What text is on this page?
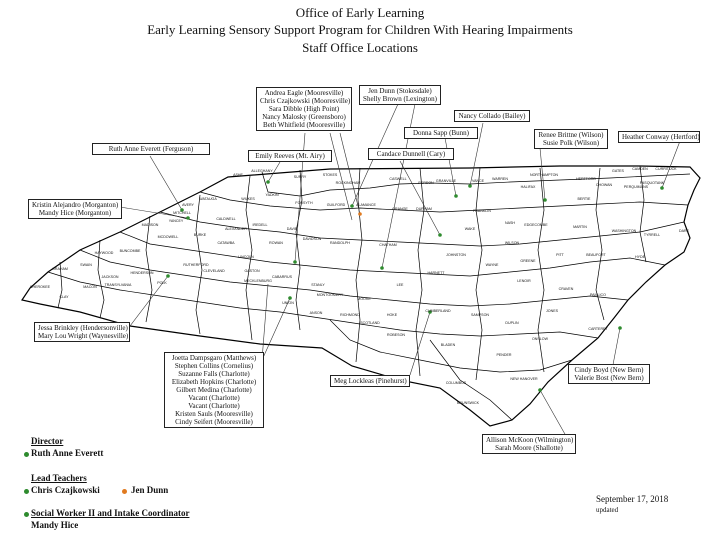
Office of Early Learning
Early Learning Sensory Support Program for Children With Hearing Impairments
Staff Office Locations
ASHE
ALLEGHANY
SURRY	STOKES
ROCKINGHAM
CASWELL
PERSON GRANVILLE	VANCE WARREN
NORTHAMPTON
HERTFORD
GATES CAMDEN CURRITUCK
PASQUOTANK
PERQUIMANS
CHOWAN
BERTIE
HALIFAX
WATAUGA	WILKES
YADKIN
FORSYTH	GUILFORD	ALAMANCE
ORANGE DURHAM
WAKE
FRANKLIN
NASH	EDGECOMBE	MARTIN
WASHINGTON
TYRRELL
DARE
AVERY
MITCHELL
YANCEY
MADISON
CALDWELL
ALEXANDER
IREDELL
DAVIE
DAVIDSON
RANDOLPH	CHATHAM
JOHNSTON
WILSON
PITT	BEAUFORT	HYDE
BUNCOMBE
MCDOWELL	BURKE
CATAWBA	ROWAN
HAYWOOD
SWAIN
GRAHAM
CHEROKEE
CLAY
MACON
JACKSON
TRANSYLVANIA
HENDERSON
POLK
RUTHERFORD
CLEVELAND	GASTON
LINCOLN
MECKLENBURG
CABARRUS
STANLY
MONTGOMERY
MOORE
LEE
HARNETT
WAYNE
GREENE
LENOIR
CRAVEN
PAMLICO
UNION
ANSON	RICHMOND
SCOTLAND
HOKE
CUMBERLAND
SAMPSON
DUPLIN
JONES
ONSLOW
CARTERET
ROBESON
BLADEN
PENDER
COLUMBUS
BRUNSWICK
NEW HANOVER
Andrea Eagle (Mooresville)
Chris Czajkowski (Mooresville)
Sara Dibble (High Point)
Nancy Malosky (Greensboro)
Beth Whitfield (Mooresville)
Jen Dunn (Stokesdale)
Shelly Brown (Lexington)
Nancy Collado (Bailey)
Donna Sapp (Bunn)	Renee Brittne (Wilson)
Susie Polk (Wilson)
Heather Conway (Hertford)
Ruth Anne Everett (Ferguson)
Emily Reeves (Mt. Airy)	Candace Dunnell (Cary)
Kristin Alejandro (Morganton)
Mandy Hice (Morganton)
Jessa Brinkley (Hendersonville)
Mary Lou Wright (Waynesville)
Joetta Dampsgaro (Matthews)
Stephen Collins (Cornelius)
Suzanne Falls (Charlotte)
Elizabeth Hopkins (Charlotte)
Gilbert Medina (Charlotte)
Vacant (Charlotte)
Vacant (Charlotte)
Kristen Sauls (Mooresville)
Cindy Seifert (Mooresville)
Meg Lockleas (Pinehurst)
Cindy Boyd (New Bern)
Valerie Bost (New Bern)
Allison McKoon (Wilmington)
Sarah Moore (Shallotte)
Director
Ruth Anne Everett
Lead Teachers
Chris Czajkowski	Jen Dunn
Social Worker II and Intake Coordinator
Mandy Hice
September 17, 2018
updated
